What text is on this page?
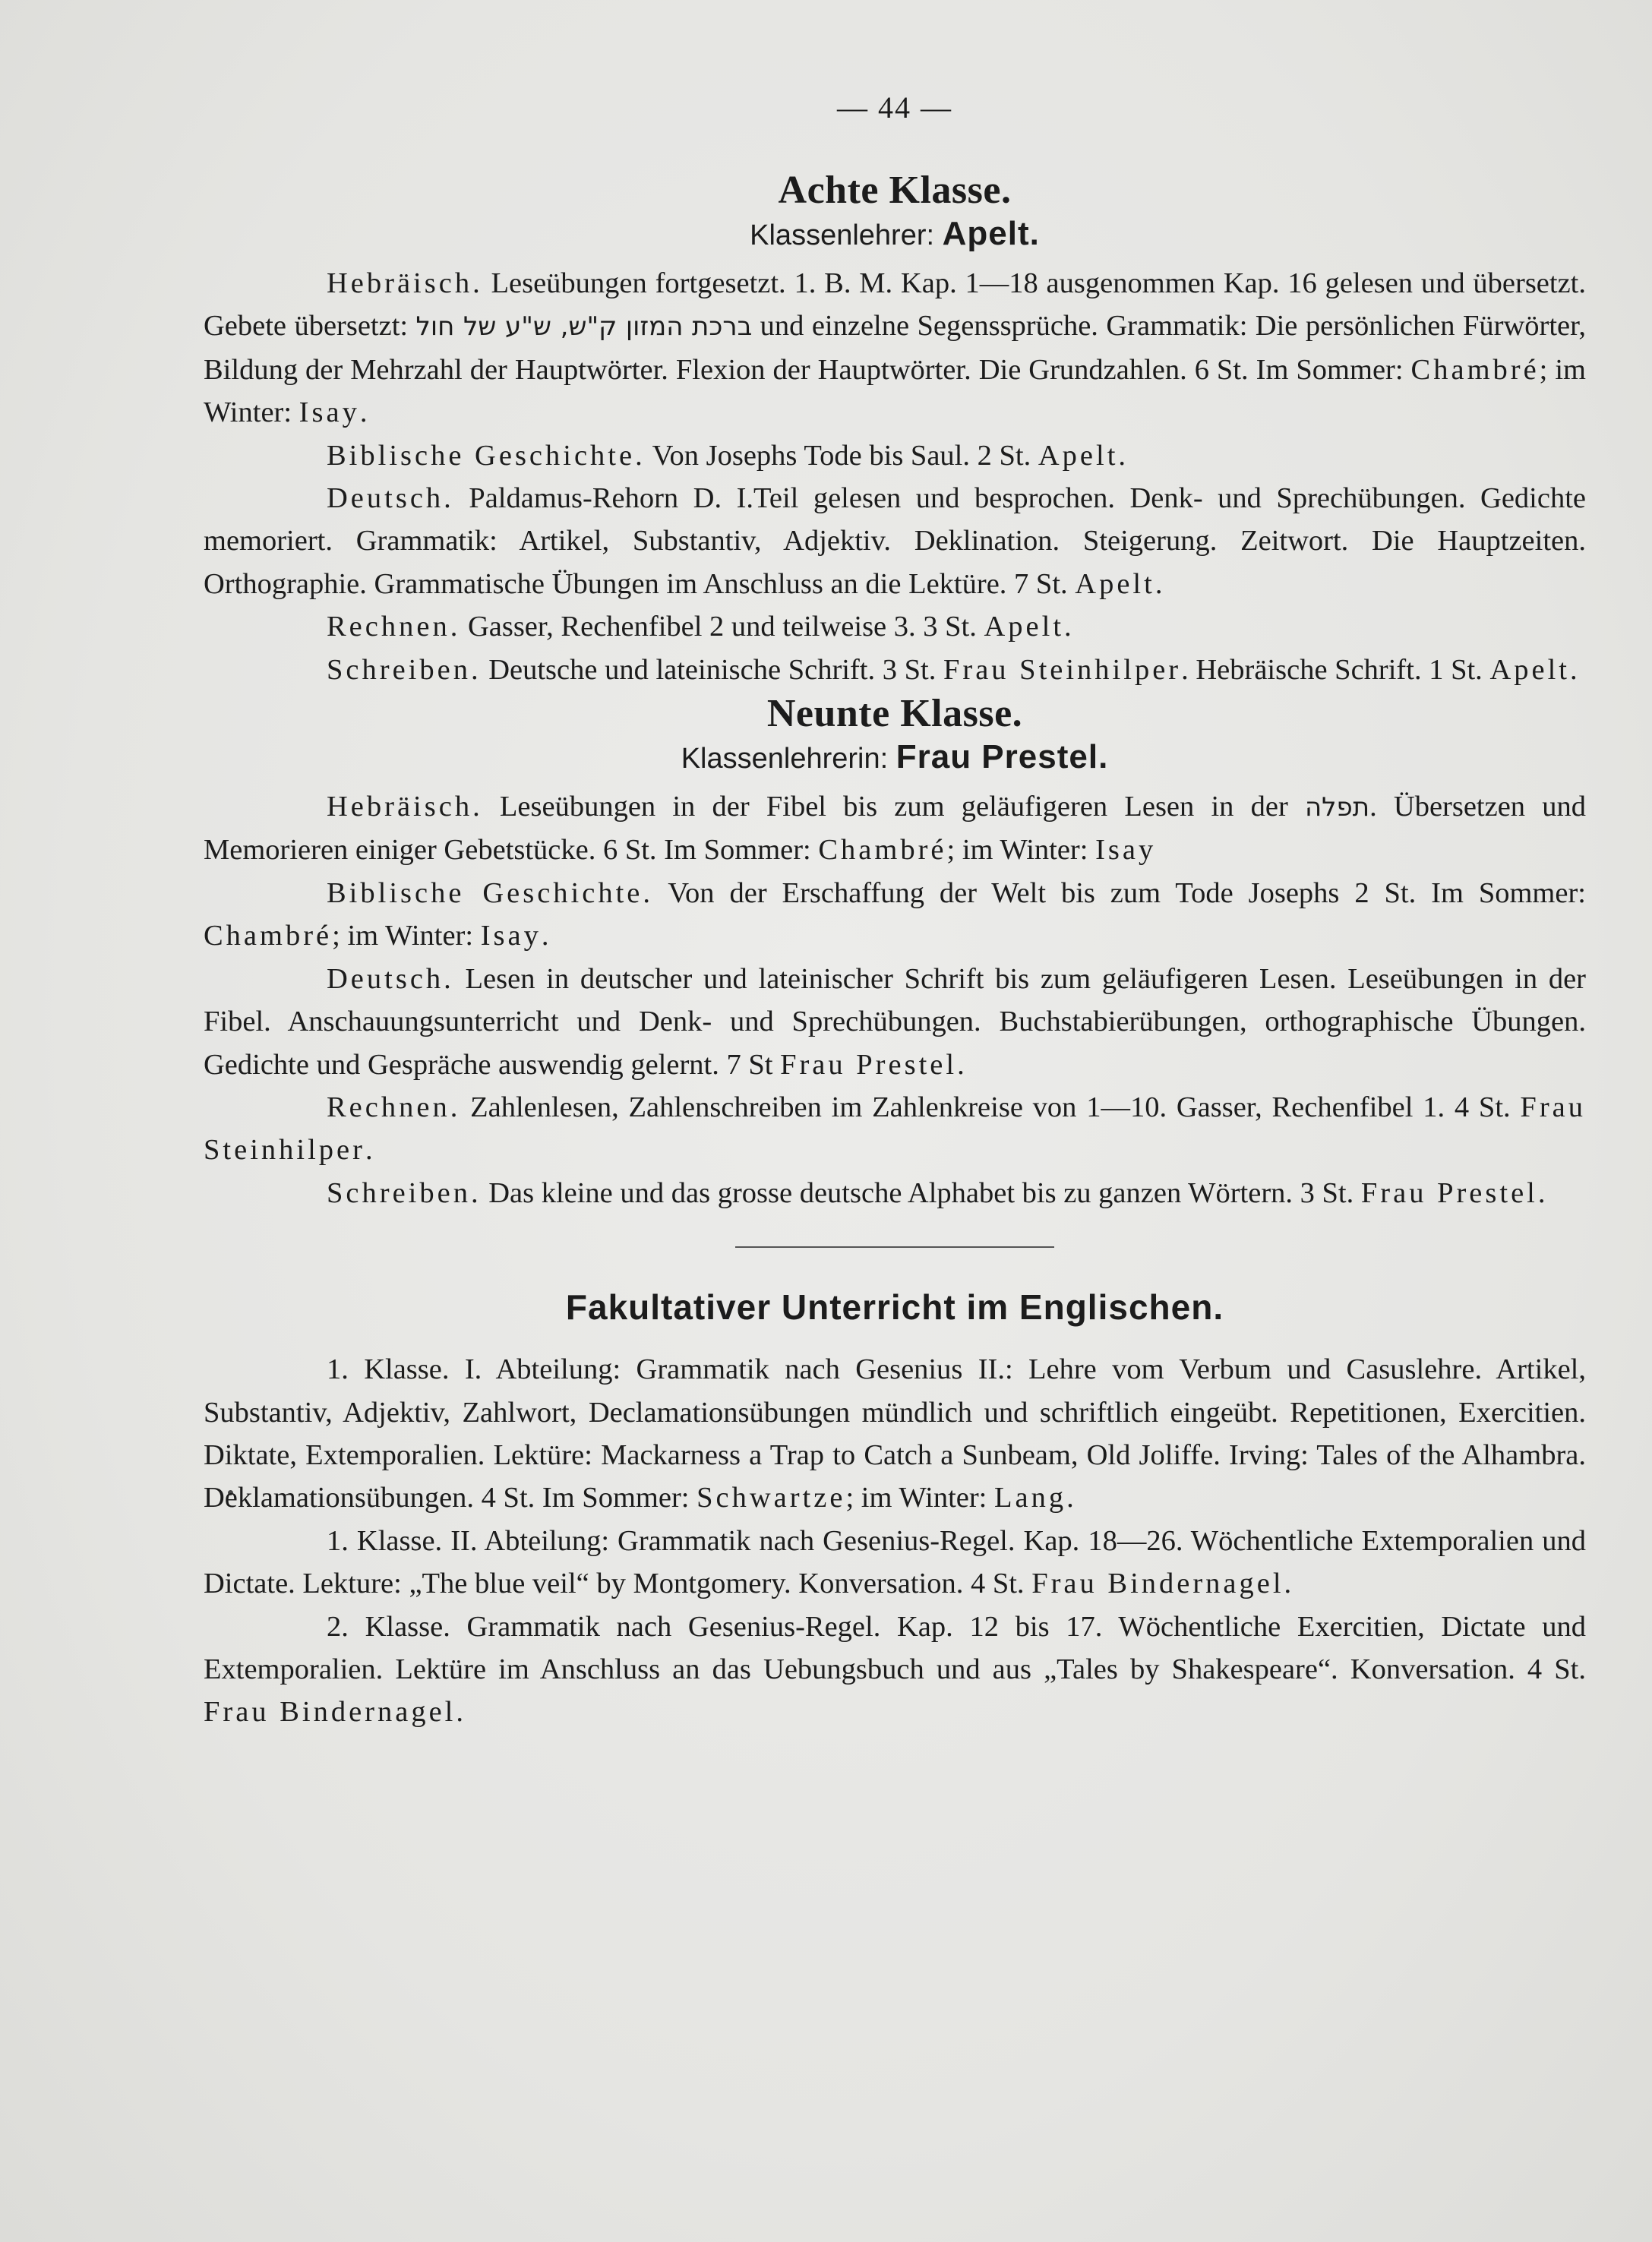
— 44 —
Achte Klasse.
Klassenlehrer: Apelt.

Hebräisch. Leseübungen fortgesetzt. 1. B. M. Kap. 1—18 ausgenommen Kap. 16 gelesen und übersetzt. Gebete übersetzt: ברכת המזון ק"ש, ש"ע של חול und einzelne Segenssprüche. Grammatik: Die persönlichen Fürwörter, Bildung der Mehrzahl der Hauptwörter. Flexion der Hauptwörter. Die Grundzahlen. 6 St. Im Sommer: Chambré; im Winter: Isay.

Biblische Geschichte. Von Josephs Tode bis Saul. 2 St. Apelt.

Deutsch. Paldamus-Rehorn D. I.Teil gelesen und besprochen. Denk- und Sprechübungen. Gedichte memoriert. Grammatik: Artikel, Substantiv, Adjektiv. Deklination. Steigerung. Zeitwort. Die Hauptzeiten. Orthographie. Grammatische Übungen im Anschluss an die Lektüre. 7 St. Apelt.

Rechnen. Gasser, Rechenfibel 2 und teilweise 3. 3 St. Apelt.

Schreiben. Deutsche und lateinische Schrift. 3 St. Frau Steinhilper. Hebräische Schrift. 1 St. Apelt.

Neunte Klasse.
Klassenlehrerin: Frau Prestel.

Hebräisch. Leseübungen in der Fibel bis zum geläufigeren Lesen in der תפלה. Übersetzen und Memorieren einiger Gebetstücke. 6 St. Im Sommer: Chambré; im Winter: Isay

Biblische Geschichte. Von der Erschaffung der Welt bis zum Tode Josephs 2 St. Im Sommer: Chambré; im Winter: Isay.

Deutsch. Lesen in deutscher und lateinischer Schrift bis zum geläufigeren Lesen. Leseübungen in der Fibel. Anschauungsunterricht und Denk- und Sprechübungen. Buchstabierübungen, orthographische Übungen. Gedichte und Gespräche auswendig gelernt. 7 St Frau Prestel.

Rechnen. Zahlenlesen, Zahlenschreiben im Zahlenkreise von 1—10. Gasser, Rechenfibel 1. 4 St. Frau Steinhilper.

Schreiben. Das kleine und das grosse deutsche Alphabet bis zu ganzen Wörtern. 3 St. Frau Prestel.

Fakultativer Unterricht im Englischen.

1. Klasse. I. Abteilung: Grammatik nach Gesenius II.: Lehre vom Verbum und Casuslehre. Artikel, Substantiv, Adjektiv, Zahlwort, Declamationsübungen mündlich und schriftlich eingeübt. Repetitionen, Exercitien. Diktate, Extemporalien. Lektüre: Mackarness a Trap to Catch a Sunbeam, Old Joliffe. Irving: Tales of the Alhambra. Deklamationsübungen. 4 St. Im Sommer: Schwartze; im Winter: Lang.

1. Klasse. II. Abteilung: Grammatik nach Gesenius-Regel. Kap. 18—26. Wöchentliche Extemporalien und Dictate. Lekture: „The blue veil“ by Montgomery. Konversation. 4 St. Frau Bindernagel.

2. Klasse. Grammatik nach Gesenius-Regel. Kap. 12 bis 17. Wöchentliche Exercitien, Dictate und Extemporalien. Lektüre im Anschluss an das Uebungsbuch und aus „Tales by Shakespeare“. Konversation. 4 St. Frau Bindernagel.
